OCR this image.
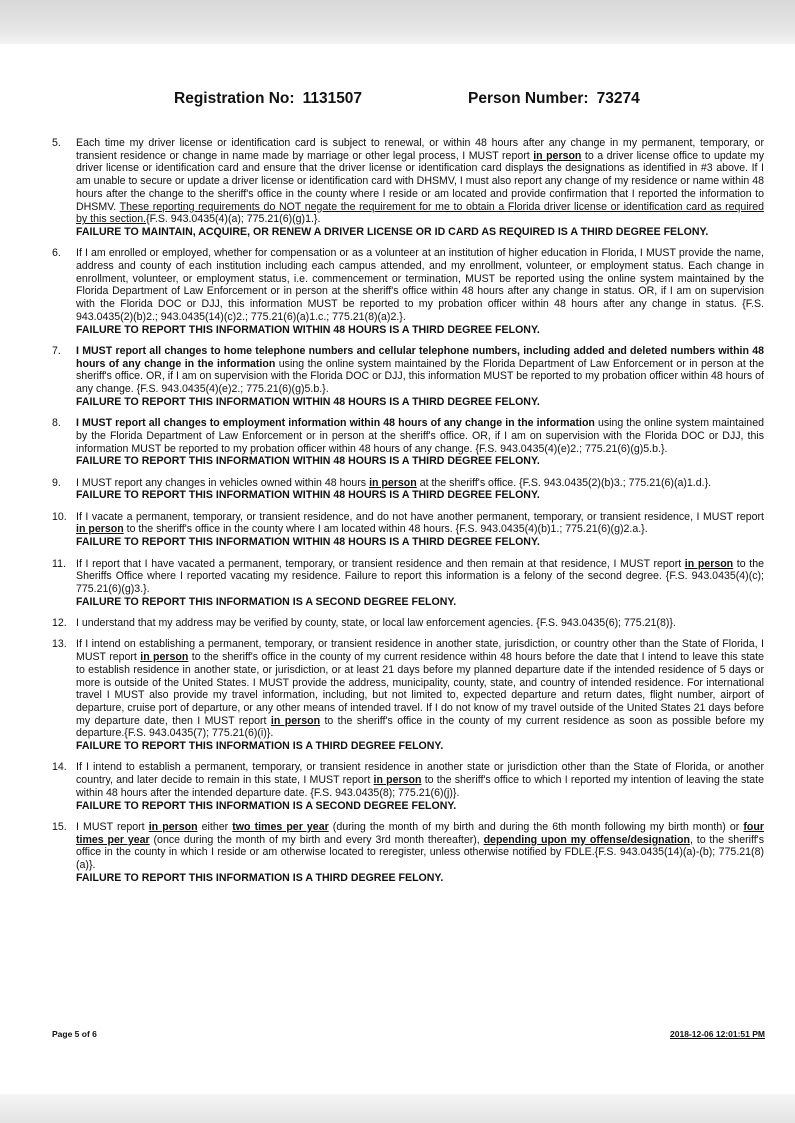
Registration No: 1131507	Person Number: 73274
5.	Each time my driver license or identification card is subject to renewal, or within 48 hours after any change in my permanent, temporary, or transient residence or change in name made by marriage or other legal process, I MUST report in person to a driver license office to update my driver license or identification card and ensure that the driver license or identification card displays the designations as identified in #3 above. If I am unable to secure or update a driver license or identification card with DHSMV, I must also report any change of my residence or name within 48 hours after the change to the sheriff's office in the county where I reside or am located and provide confirmation that I reported the information to DHSMV. These reporting requirements do NOT negate the requirement for me to obtain a Florida driver license or identification card as required by this section.{F.S. 943.0435(4)(a); 775.21(6)(g)1.}.
FAILURE TO MAINTAIN, ACQUIRE, OR RENEW A DRIVER LICENSE OR ID CARD AS REQUIRED IS A THIRD DEGREE FELONY.
6.	If I am enrolled or employed, whether for compensation or as a volunteer at an institution of higher education in Florida, I MUST provide the name, address and county of each institution including each campus attended, and my enrollment, volunteer, or employment status. Each change in enrollment, volunteer, or employment status, i.e. commencement or termination, MUST be reported using the online system maintained by the Florida Department of Law Enforcement or in person at the sheriff's office within 48 hours after any change in status. OR, if I am on supervision with the Florida DOC or DJJ, this information MUST be reported to my probation officer within 48 hours after any change in status. {F.S. 943.0435(2)(b)2.; 943.0435(14)(c)2.; 775.21(6)(a)1.c.; 775.21(8)(a)2.}.
FAILURE TO REPORT THIS INFORMATION WITHIN 48 HOURS IS A THIRD DEGREE FELONY.
7.	I MUST report all changes to home telephone numbers and cellular telephone numbers, including added and deleted numbers within 48 hours of any change in the information using the online system maintained by the Florida Department of Law Enforcement or in person at the sheriff's office. OR, if I am on supervision with the Florida DOC or DJJ, this information MUST be reported to my probation officer within 48 hours of any change. {F.S. 943.0435(4)(e)2.; 775.21(6)(g)5.b.}.
FAILURE TO REPORT THIS INFORMATION WITHIN 48 HOURS IS A THIRD DEGREE FELONY.
8.	I MUST report all changes to employment information within 48 hours of any change in the information using the online system maintained by the Florida Department of Law Enforcement or in person at the sheriff's office. OR, if I am on supervision with the Florida DOC or DJJ, this information MUST be reported to my probation officer within 48 hours of any change. {F.S. 943.0435(4)(e)2.; 775.21(6)(g)5.b.}.
FAILURE TO REPORT THIS INFORMATION WITHIN 48 HOURS IS A THIRD DEGREE FELONY.
9.	I MUST report any changes in vehicles owned within 48 hours in person at the sheriff's office. {F.S. 943.0435(2)(b)3.; 775.21(6)(a)1.d.}.
FAILURE TO REPORT THIS INFORMATION WITHIN 48 HOURS IS A THIRD DEGREE FELONY.
10. If I vacate a permanent, temporary, or transient residence, and do not have another permanent, temporary, or transient residence, I MUST report in person to the sheriff's office in the county where I am located within 48 hours. {F.S. 943.0435(4)(b)1.; 775.21(6)(g)2.a.}.
FAILURE TO REPORT THIS INFORMATION WITHIN 48 HOURS IS A THIRD DEGREE FELONY.
11. If I report that I have vacated a permanent, temporary, or transient residence and then remain at that residence, I MUST report in person to the Sheriffs Office where I reported vacating my residence. Failure to report this information is a felony of the second degree. {F.S. 943.0435(4)(c); 775.21(6)(g)3.}.
FAILURE TO REPORT THIS INFORMATION IS A SECOND DEGREE FELONY.
12. I understand that my address may be verified by county, state, or local law enforcement agencies. {F.S. 943.0435(6); 775.21(8)}.
13. If I intend on establishing a permanent, temporary, or transient residence in another state, jurisdiction, or country other than the State of Florida, I MUST report in person to the sheriff's office in the county of my current residence within 48 hours before the date that I intend to leave this state to establish residence in another state, or jurisdiction, or at least 21 days before my planned departure date if the intended residence of 5 days or more is outside of the United States. I MUST provide the address, municipality, county, state, and country of intended residence. For international travel I MUST also provide my travel information, including, but not limited to, expected departure and return dates, flight number, airport of departure, cruise port of departure, or any other means of intended travel. If I do not know of my travel outside of the United States 21 days before my departure date, then I MUST report in person to the sheriff's office in the county of my current residence as soon as possible before my departure.{F.S. 943.0435(7); 775.21(6)(i)}.
FAILURE TO REPORT THIS INFORMATION IS A THIRD DEGREE FELONY.
14. If I intend to establish a permanent, temporary, or transient residence in another state or jurisdiction other than the State of Florida, or another country, and later decide to remain in this state, I MUST report in person to the sheriff's office to which I reported my intention of leaving the state within 48 hours after the intended departure date. {F.S. 943.0435(8); 775.21(6)(j)}.
FAILURE TO REPORT THIS INFORMATION IS A SECOND DEGREE FELONY.
15. I MUST report in person either two times per year (during the month of my birth and during the 6th month following my birth month) or four times per year (once during the month of my birth and every 3rd month thereafter), depending upon my offense/designation, to the sheriff's office in the county in which I reside or am otherwise located to reregister, unless otherwise notified by FDLE.{F.S. 943.0435(14)(a)-(b); 775.21(8)(a)}.
FAILURE TO REPORT THIS INFORMATION IS A THIRD DEGREE FELONY.
Page 5 of 6	2018-12-06 12:01:51 PM
